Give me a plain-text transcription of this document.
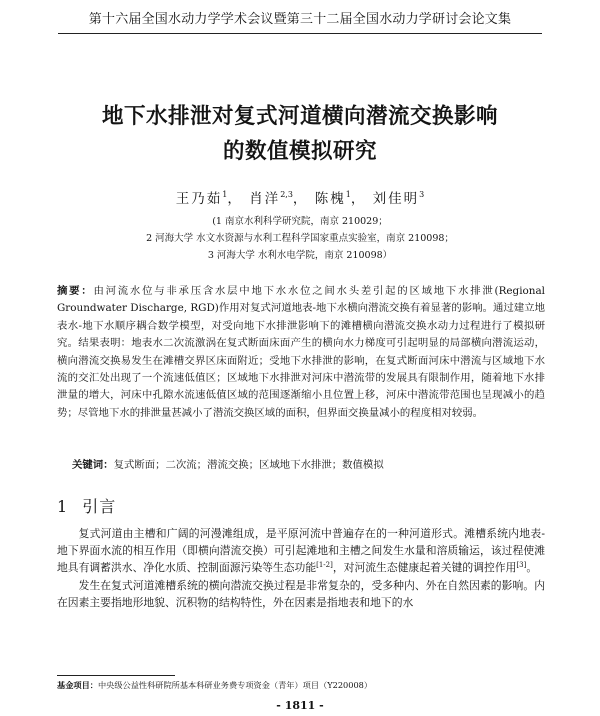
第十六届全国水动力学学术会议暨第三十二届全国水动力学研讨会论文集
地下水排泄对复式河道横向潜流交换影响
的数值模拟研究
王乃茹$^1$， 肖洋$^{2,3}$， 陈槐$^1$， 刘佳明$^3$
(1 南京水利科学研究院，南京 210029；
2 河海大学 水文水资源与水利工程科学国家重点实验室，南京 210098；
3 河海大学 水利水电学院，南京 210098）
摘要：由河流水位与非承压含水层中地下水水位之间水头差引起的区域地下水排泄(Regional Groundwater Discharge, RGD)作用对复式河道地表-地下水横向潜流交换有着显著的影响。通过建立地表水-地下水顺序耦合数学模型，对受向地下水排泄影响下的滩槽横向潜流交换水动力过程进行了模拟研究。结果表明：地表水二次流激涡在复式断面床面产生的横向水力梯度可引起明显的局部横向潜流运动，横向潜流交换易发生在滩槽交界区床面附近；受地下水排泄的影响，在复式断面河床中潜流与区域地下水流的交汇处出现了一个流速低值区；区域地下水排泄对河床中潜流带的发展具有限制作用，随着地下水排泄量的增大，河床中孔隙水流速低值区域的范围逐渐缩小且位置上移，河床中潜流带范围也呈现减小的趋势；尽管地下水的排泄量甚减小了潜流交换区域的面积，但界面交换量减小的程度相对较弱。
关键词：复式断面；二次流；潜流交换；区域地下水排泄；数值模拟
1 引言

复式河道由主槽和广阔的河漫滩组成，是平原河流中普遍存在的一种河道形式。滩槽系统内地表-地下界面水流的相互作用（即横向潜流交换）可引起滩地和主槽之间发生水量和溶质输运，该过程使滩地具有调蓄洪水、净化水质、控制面源污染等生态功能[1-2]，对河流生态健康起着关键的调控作用[3]。

发生在复式河道滩槽系统的横向潜流交换过程是非常复杂的，受多种内、外在自然因素的影响。内在因素主要指地形地貌、沉积物的结构特性，外在因素是指地表和地下的水

基金项目：中央级公益性科研院所基本科研业务费专项资金（青年）项目（Y220008）
- 1811 -
